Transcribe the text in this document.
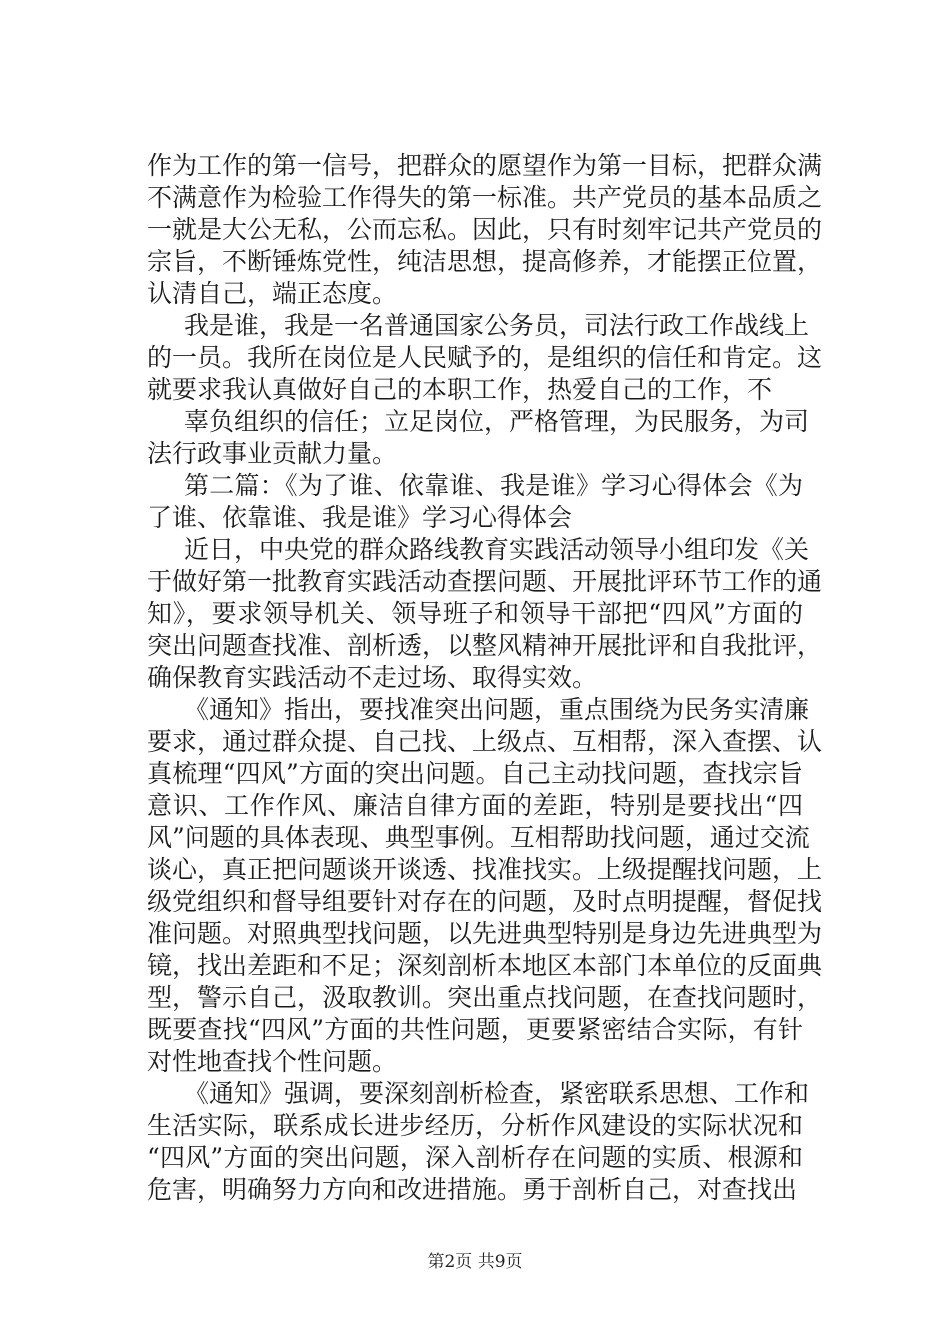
作为工作的第一信号，把群众的愿望作为第一目标，把群众满
不满意作为检验工作得失的第一标准。共产党员的基本品质之
一就是大公无私，公而忘私。因此，只有时刻牢记共产党员的
宗旨，不断锤炼党性，纯洁思想，提高修养，才能摆正位置，
认清自己，端正态度。
我是谁，我是一名普通国家公务员，司法行政工作战线上
的一员。我所在岗位是人民赋予的，是组织的信任和肯定。这
就要求我认真做好自己的本职工作，热爱自己的工作，不
辜负组织的信任；立足岗位，严格管理，为民服务，为司
法行政事业贡献力量。
第二篇：《为了谁、依靠谁、我是谁》学习心得体会《为
了谁、依靠谁、我是谁》学习心得体会
近日，中央党的群众路线教育实践活动领导小组印发《关
于做好第一批教育实践活动查摆问题、开展批评环节工作的通
知》，要求领导机关、领导班子和领导干部把“四风”方面的
突出问题查找准、剖析透，以整风精神开展批评和自我批评，
确保教育实践活动不走过场、取得实效。
《通知》指出，要找准突出问题，重点围绕为民务实清廉
要求，通过群众提、自己找、上级点、互相帮，深入查摆、认
真梳理“四风”方面的突出问题。自己主动找问题，查找宗旨
意识、工作作风、廉洁自律方面的差距，特别是要找出“四
风”问题的具体表现、典型事例。互相帮助找问题，通过交流
谈心，真正把问题谈开谈透、找准找实。上级提醒找问题，上
级党组织和督导组要针对存在的问题，及时点明提醒，督促找
准问题。对照典型找问题，以先进典型特别是身边先进典型为
镜，找出差距和不足；深刻剖析本地区本部门本单位的反面典
型，警示自己，汲取教训。突出重点找问题，在查找问题时，
既要查找“四风”方面的共性问题，更要紧密结合实际，有针
对性地查找个性问题。
《通知》强调，要深刻剖析检查，紧密联系思想、工作和
生活实际，联系成长进步经历，分析作风建设的实际状况和
“四风”方面的突出问题，深入剖析存在问题的实质、根源和
危害，明确努力方向和改进措施。勇于剖析自己，对查找出
第2页 共9页
